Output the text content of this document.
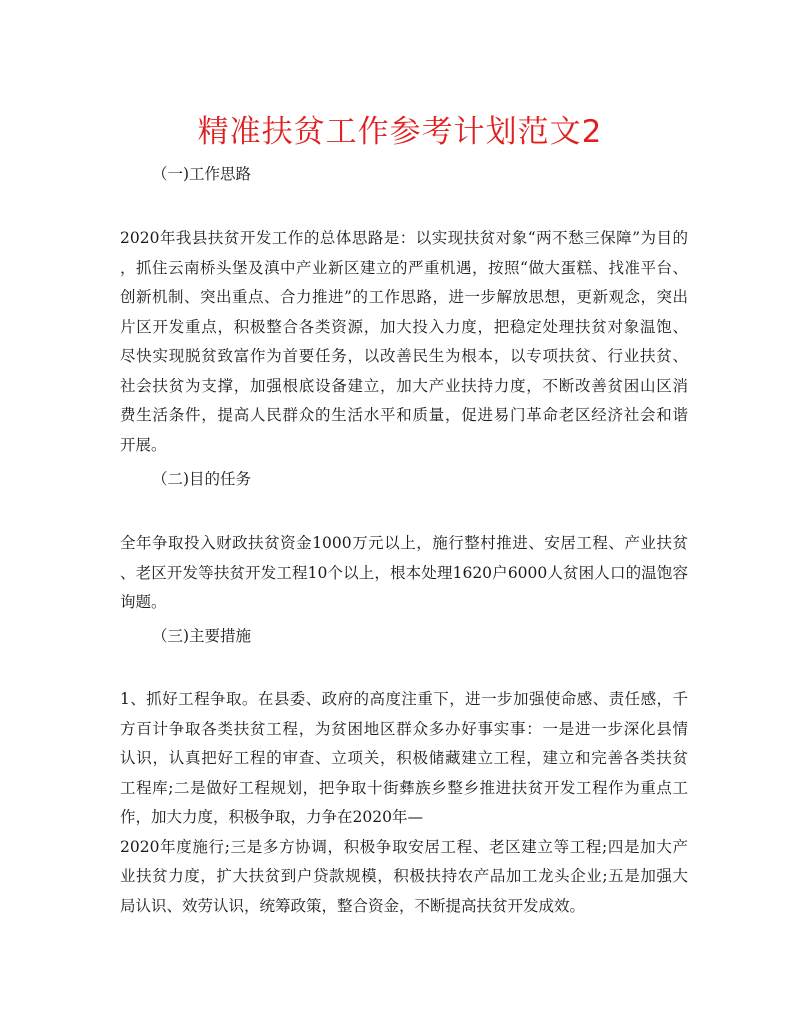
精准扶贫工作参考计划范文2
（一)工作思路
2020年我县扶贫开发工作的总体思路是：以实现扶贫对象“两不愁三保障”为目的
，抓住云南桥头堡及滇中产业新区建立的严重机遇，按照“做大蛋糕、找准平台、
创新机制、突出重点、合力推进”的工作思路，进一步解放思想，更新观念，突出
片区开发重点，积极整合各类资源，加大投入力度，把稳定处理扶贫对象温饱、
尽快实现脱贫致富作为首要任务，以改善民生为根本，以专项扶贫、行业扶贫、
社会扶贫为支撑，加强根底设备建立，加大产业扶持力度，不断改善贫困山区消
费生活条件，提高人民群众的生活水平和质量，促进易门革命老区经济社会和谐
开展。
（二)目的任务
全年争取投入财政扶贫资金1000万元以上，施行整村推进、安居工程、产业扶贫
、老区开发等扶贫开发工程10个以上，根本处理1620户6000人贫困人口的温饱容
询题。
（三)主要措施
1、抓好工程争取。在县委、政府的高度注重下，进一步加强使命感、责任感，千
方百计争取各类扶贫工程，为贫困地区群众多办好事实事：一是进一步深化县情
认识，认真把好工程的审查、立项关，积极储藏建立工程，建立和完善各类扶贫
工程库;二是做好工程规划，把争取十街彝族乡整乡推进扶贫开发工程作为重点工
作，加大力度，积极争取，力争在2020年—
2020年度施行;三是多方协调，积极争取安居工程、老区建立等工程;四是加大产
业扶贫力度，扩大扶贫到户贷款规模，积极扶持农产品加工龙头企业;五是加强大
局认识、效劳认识，统筹政策，整合资金，不断提高扶贫开发成效。
